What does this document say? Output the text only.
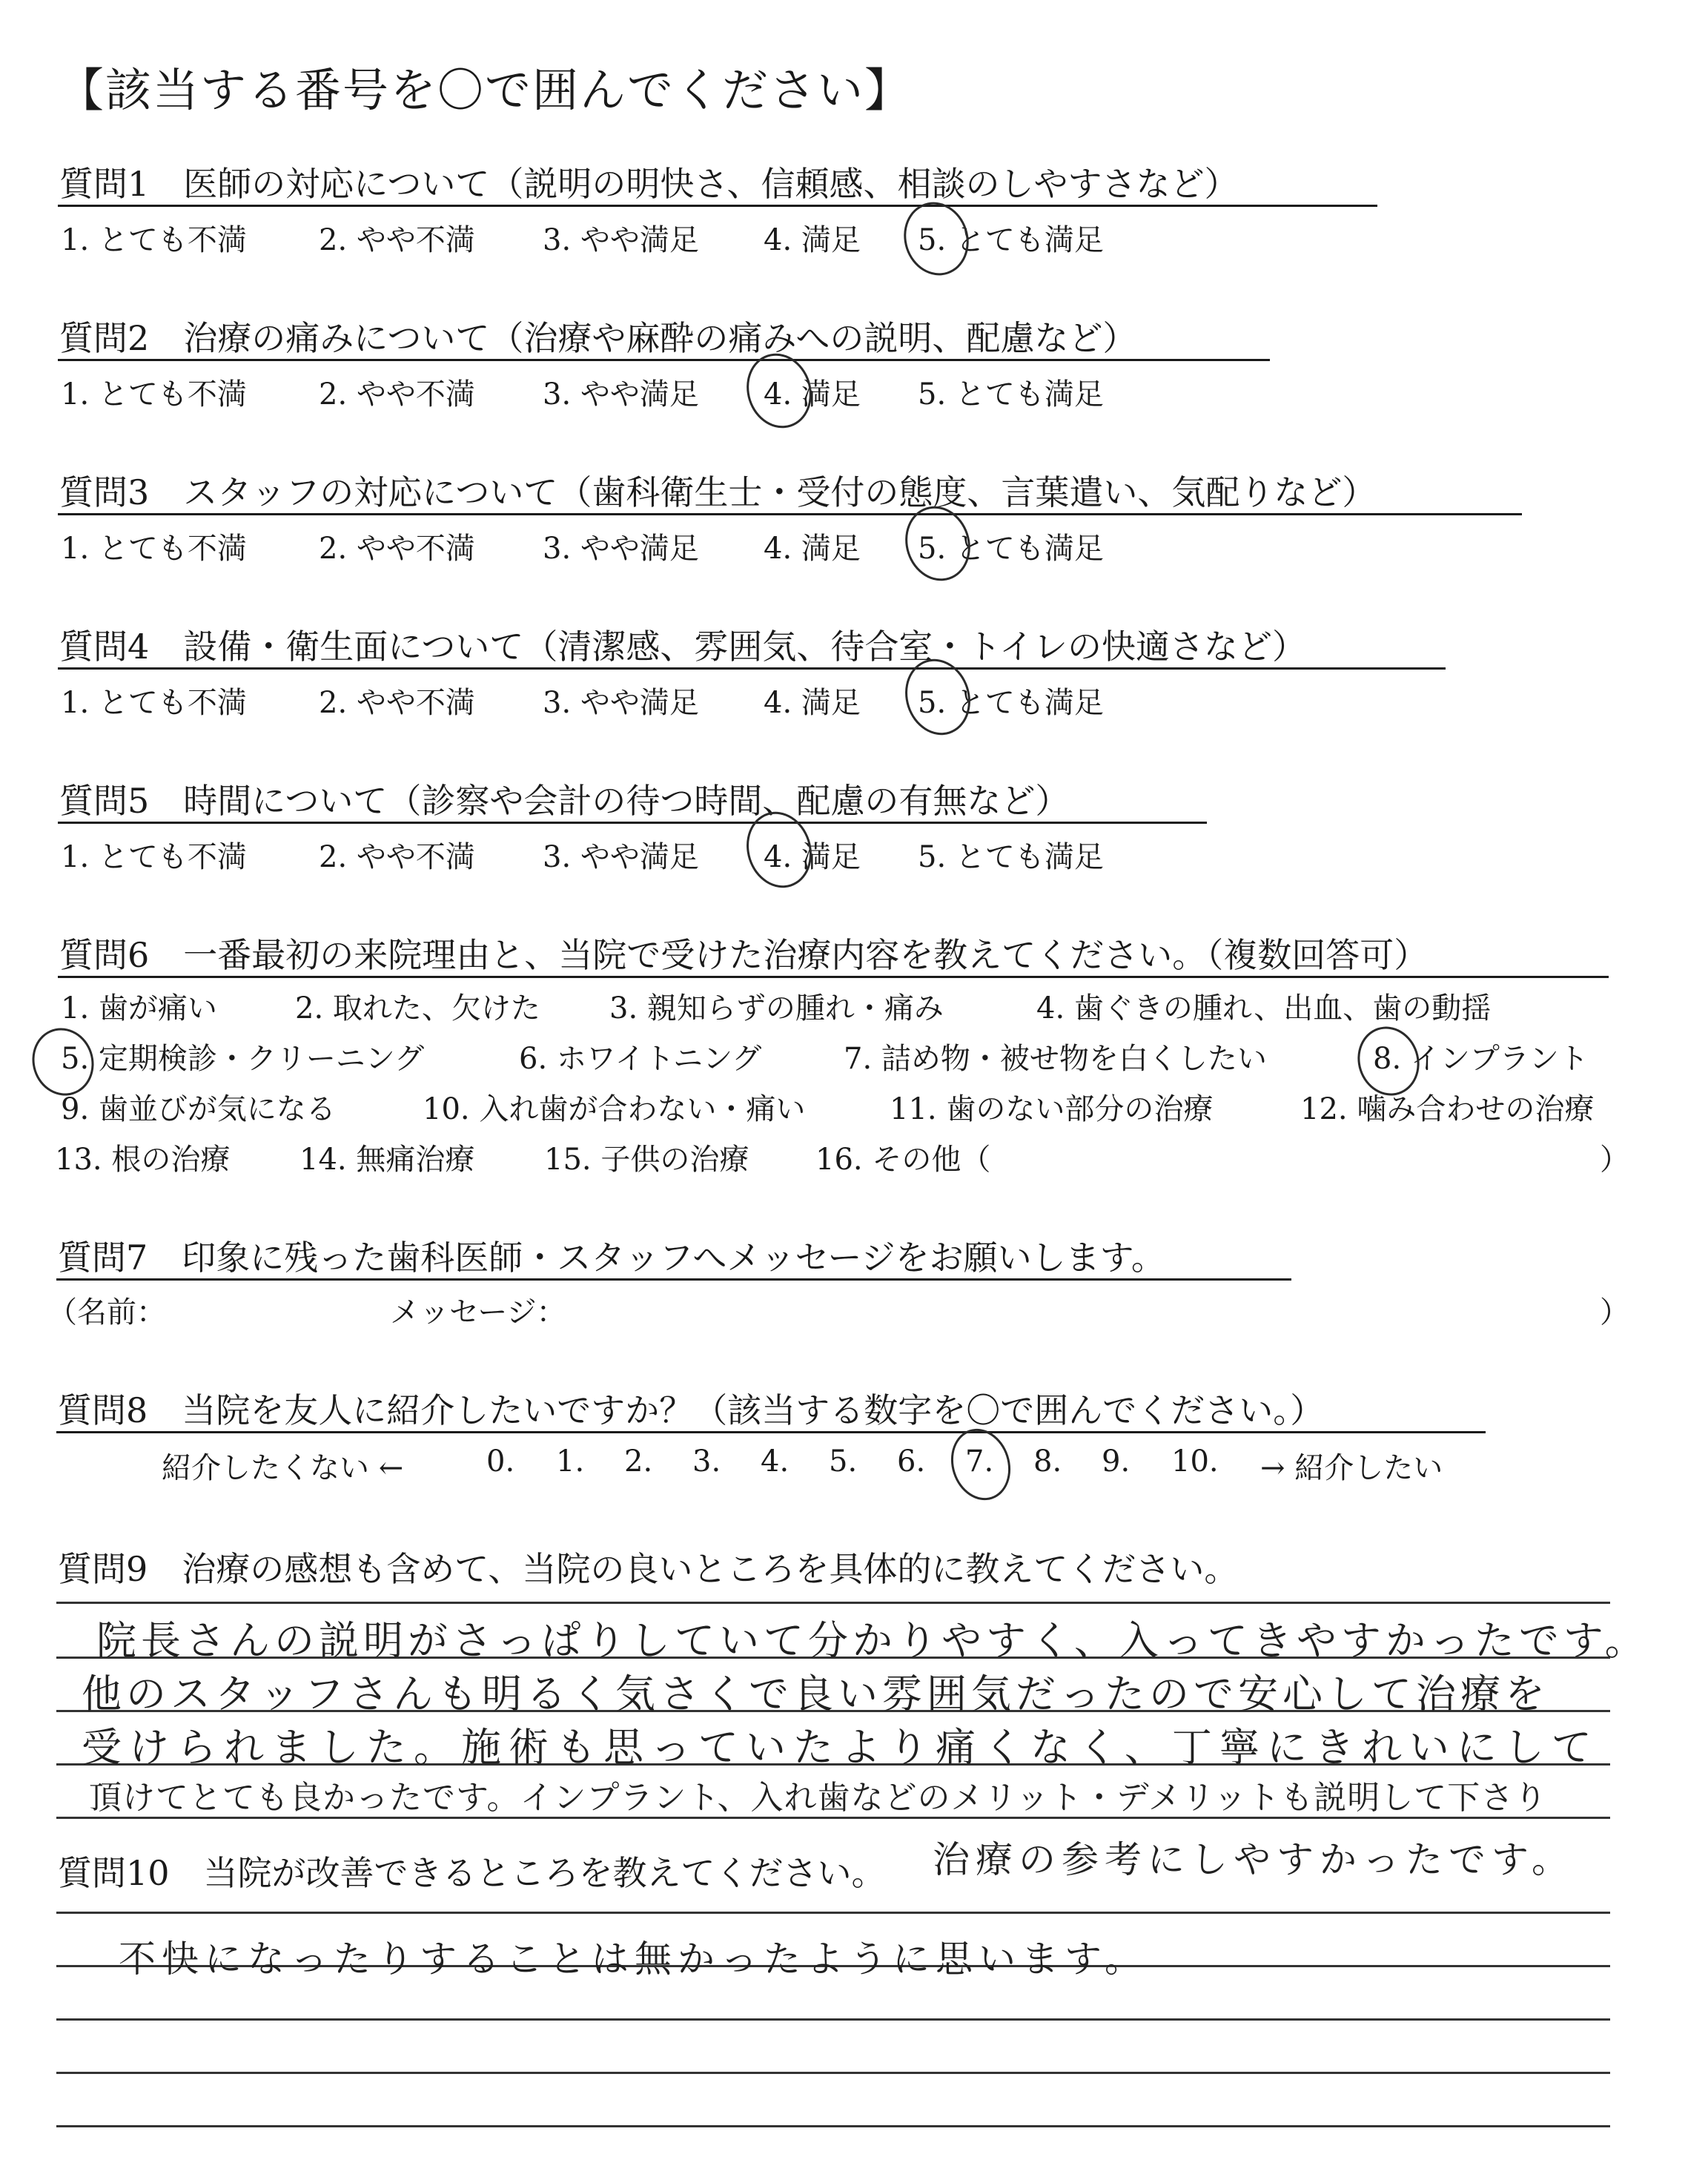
【該当する番号を〇で囲んでください】
質問1　医師の対応について（説明の明快さ、信頼感、相談のしやすさなど）
1. とても不満 2. やや不満 3. やや満足 4. 満足 5. とても満足
質問2　治療の痛みについて（治療や麻酔の痛みへの説明、配慮など）
1. とても不満 2. やや不満 3. やや満足 4. 満足 5. とても満足
質問3　スタッフの対応について（歯科衛生士・受付の態度、言葉遣い、気配りなど）
1. とても不満 2. やや不満 3. やや満足 4. 満足 5. とても満足
質問4　設備・衛生面について（清潔感、雰囲気、待合室・トイレの快適さなど）
1. とても不満 2. やや不満 3. やや満足 4. 満足 5. とても満足
質問5　時間について（診察や会計の待つ時間、配慮の有無など）
1. とても不満 2. やや不満 3. やや満足 4. 満足 5. とても満足
質問6　一番最初の来院理由と、当院で受けた治療内容を教えてください。（複数回答可）
1. 歯が痛い	2. 取れた、欠けた 3. 親知らずの腫れ・痛み	4. 歯ぐきの腫れ、出血、歯の動揺
5. 定期検診・クリーニング	6. ホワイトニング	7. 詰め物・被せ物を白くしたい	8. インプラント
9. 歯並びが気になる	10. 入れ歯が合わない・痛い	11. 歯のない部分の治療	12. 噛み合わせの治療
13. 根の治療 14. 無痛治療 15. 子供の治療 16. その他（	）
質問7　印象に残った歯科医師・スタッフへメッセージをお願いします。
（名前：	メッセージ：	）
質問8　当院を友人に紹介したいですか？（該当する数字を〇で囲んでください。）
紹介したくない ←	0. 1. 2. 3. 4. 5. 6. 7. 8. 9. 10. → 紹介したい
質問9　治療の感想も含めて、当院の良いところを具体的に教えてください。
院長さんの説明がさっぱりしていて分かりやすく、入ってきやすかったです。
他のスタッフさんも明るく気さくで良い雰囲気だったので安心して治療を
受けられました。施術も思っていたより痛くなく、丁寧にきれいにして
頂けてとても良かったです。インプラント、入れ歯などのメリット・デメリットも説明して下さり
治療の参考にしやすかったです。
質問10　当院が改善できるところを教えてください。
不快になったりすることは無かったように思います。
